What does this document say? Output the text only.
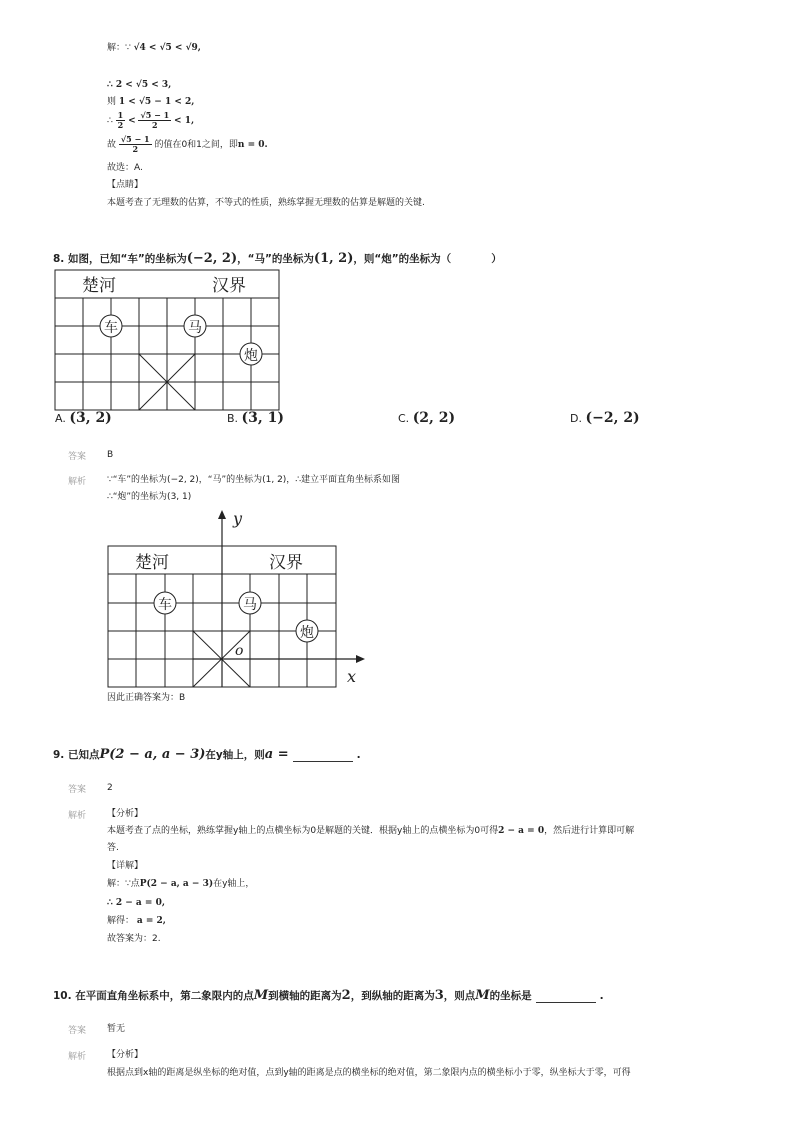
解：∵ √4 < √5 < √9,
∴ 2 < √5 < 3,
则 1 < √5 − 1 < 2,
∴ $\frac{1}{2} < \frac{√5 - 1}{2} < 1$,
故 $\frac{√5 - 1}{2}$ 的值在0和1之间，即n = 0.
故选：A.
【点睛】
本题考查了无理数的估算，不等式的性质，熟练掌握无理数的估算是解题的关键.
8. 如图，已知“车”的坐标为(−2, 2)，“马”的坐标为(1, 2)，则“炮”的坐标为（	）
楚河	汉界
车	马
炮
A. (3, 2)	B. (3, 1)	C. (2, 2)	D. (−2, 2)
答案 B
解析 ∵“车”的坐标为(−2, 2)，“马”的坐标为(1, 2)，∴建立平面直角坐标系如图
∴“炮”的坐标为(3, 1)
y
x
o
楚河	汉界
车	马
炮
因此正确答案为：B
9. 已知点P(2 − a, a − 3)在y轴上，则a =	.
答案 2
解析 【分析】
本题考查了点的坐标，熟练掌握y轴上的点横坐标为0是解题的关键．根据y轴上的点横坐标为0可得2 − a = 0，然后进行计算即可解
答.
【详解】
解：∵点P(2 − a, a − 3)在y轴上，
∴ 2 − a = 0,
解得： a = 2,
故答案为：2.
10. 在平面直角坐标系中，第二象限内的点M到横轴的距离为2，到纵轴的距离为3，则点M的坐标是	.
答案 暂无
解析 【分析】
根据点到x轴的距离是纵坐标的绝对值，点到y轴的距离是点的横坐标的绝对值，第二象限内点的横坐标小于零，纵坐标大于零，可得
